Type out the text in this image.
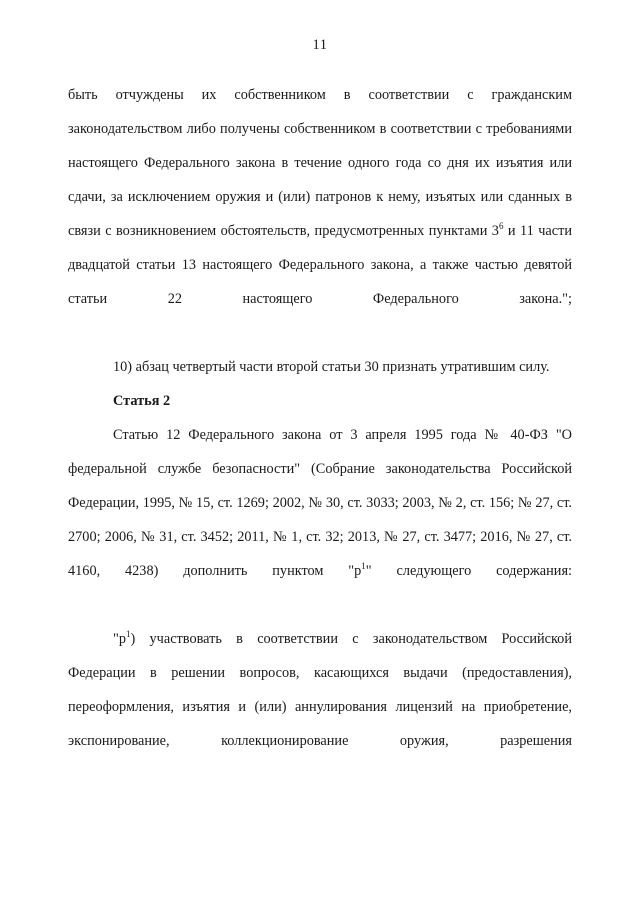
11

быть отчуждены их собственником в соответствии с гражданским законодательством либо получены собственником в соответствии с требованиями настоящего Федерального закона в течение одного года со дня их изъятия или сдачи, за исключением оружия и (или) патронов к нему, изъятых или сданных в связи с возникновением обстоятельств, предусмотренных пунктами $3^6$ и 11 части двадцатой статьи 13 настоящего Федерального закона, а также частью девятой статьи 22 настоящего Федерального закона.";

10) абзац четвертый части второй статьи 30 признать утратившим силу.

Статья 2

Статью 12 Федерального закона от 3 апреля 1995 года № 40-ФЗ "О федеральной службе безопасности" (Собрание законодательства Российской Федерации, 1995, № 15, ст. 1269; 2002, № 30, ст. 3033; 2003, № 2, ст. 156; № 27, ст. 2700; 2006, № 31, ст. 3452; 2011, № 1, ст. 32; 2013, № 27, ст. 3477; 2016, № 27, ст. 4160, 4238) дополнить пунктом "$р^1$" следующего содержания:

"$р^1$) участвовать в соответствии с законодательством Российской Федерации в решении вопросов, касающихся выдачи (предоставления), переоформления, изъятия и (или) аннулирования лицензий на приобретение, экспонирование, коллекционирование оружия, разрешения
